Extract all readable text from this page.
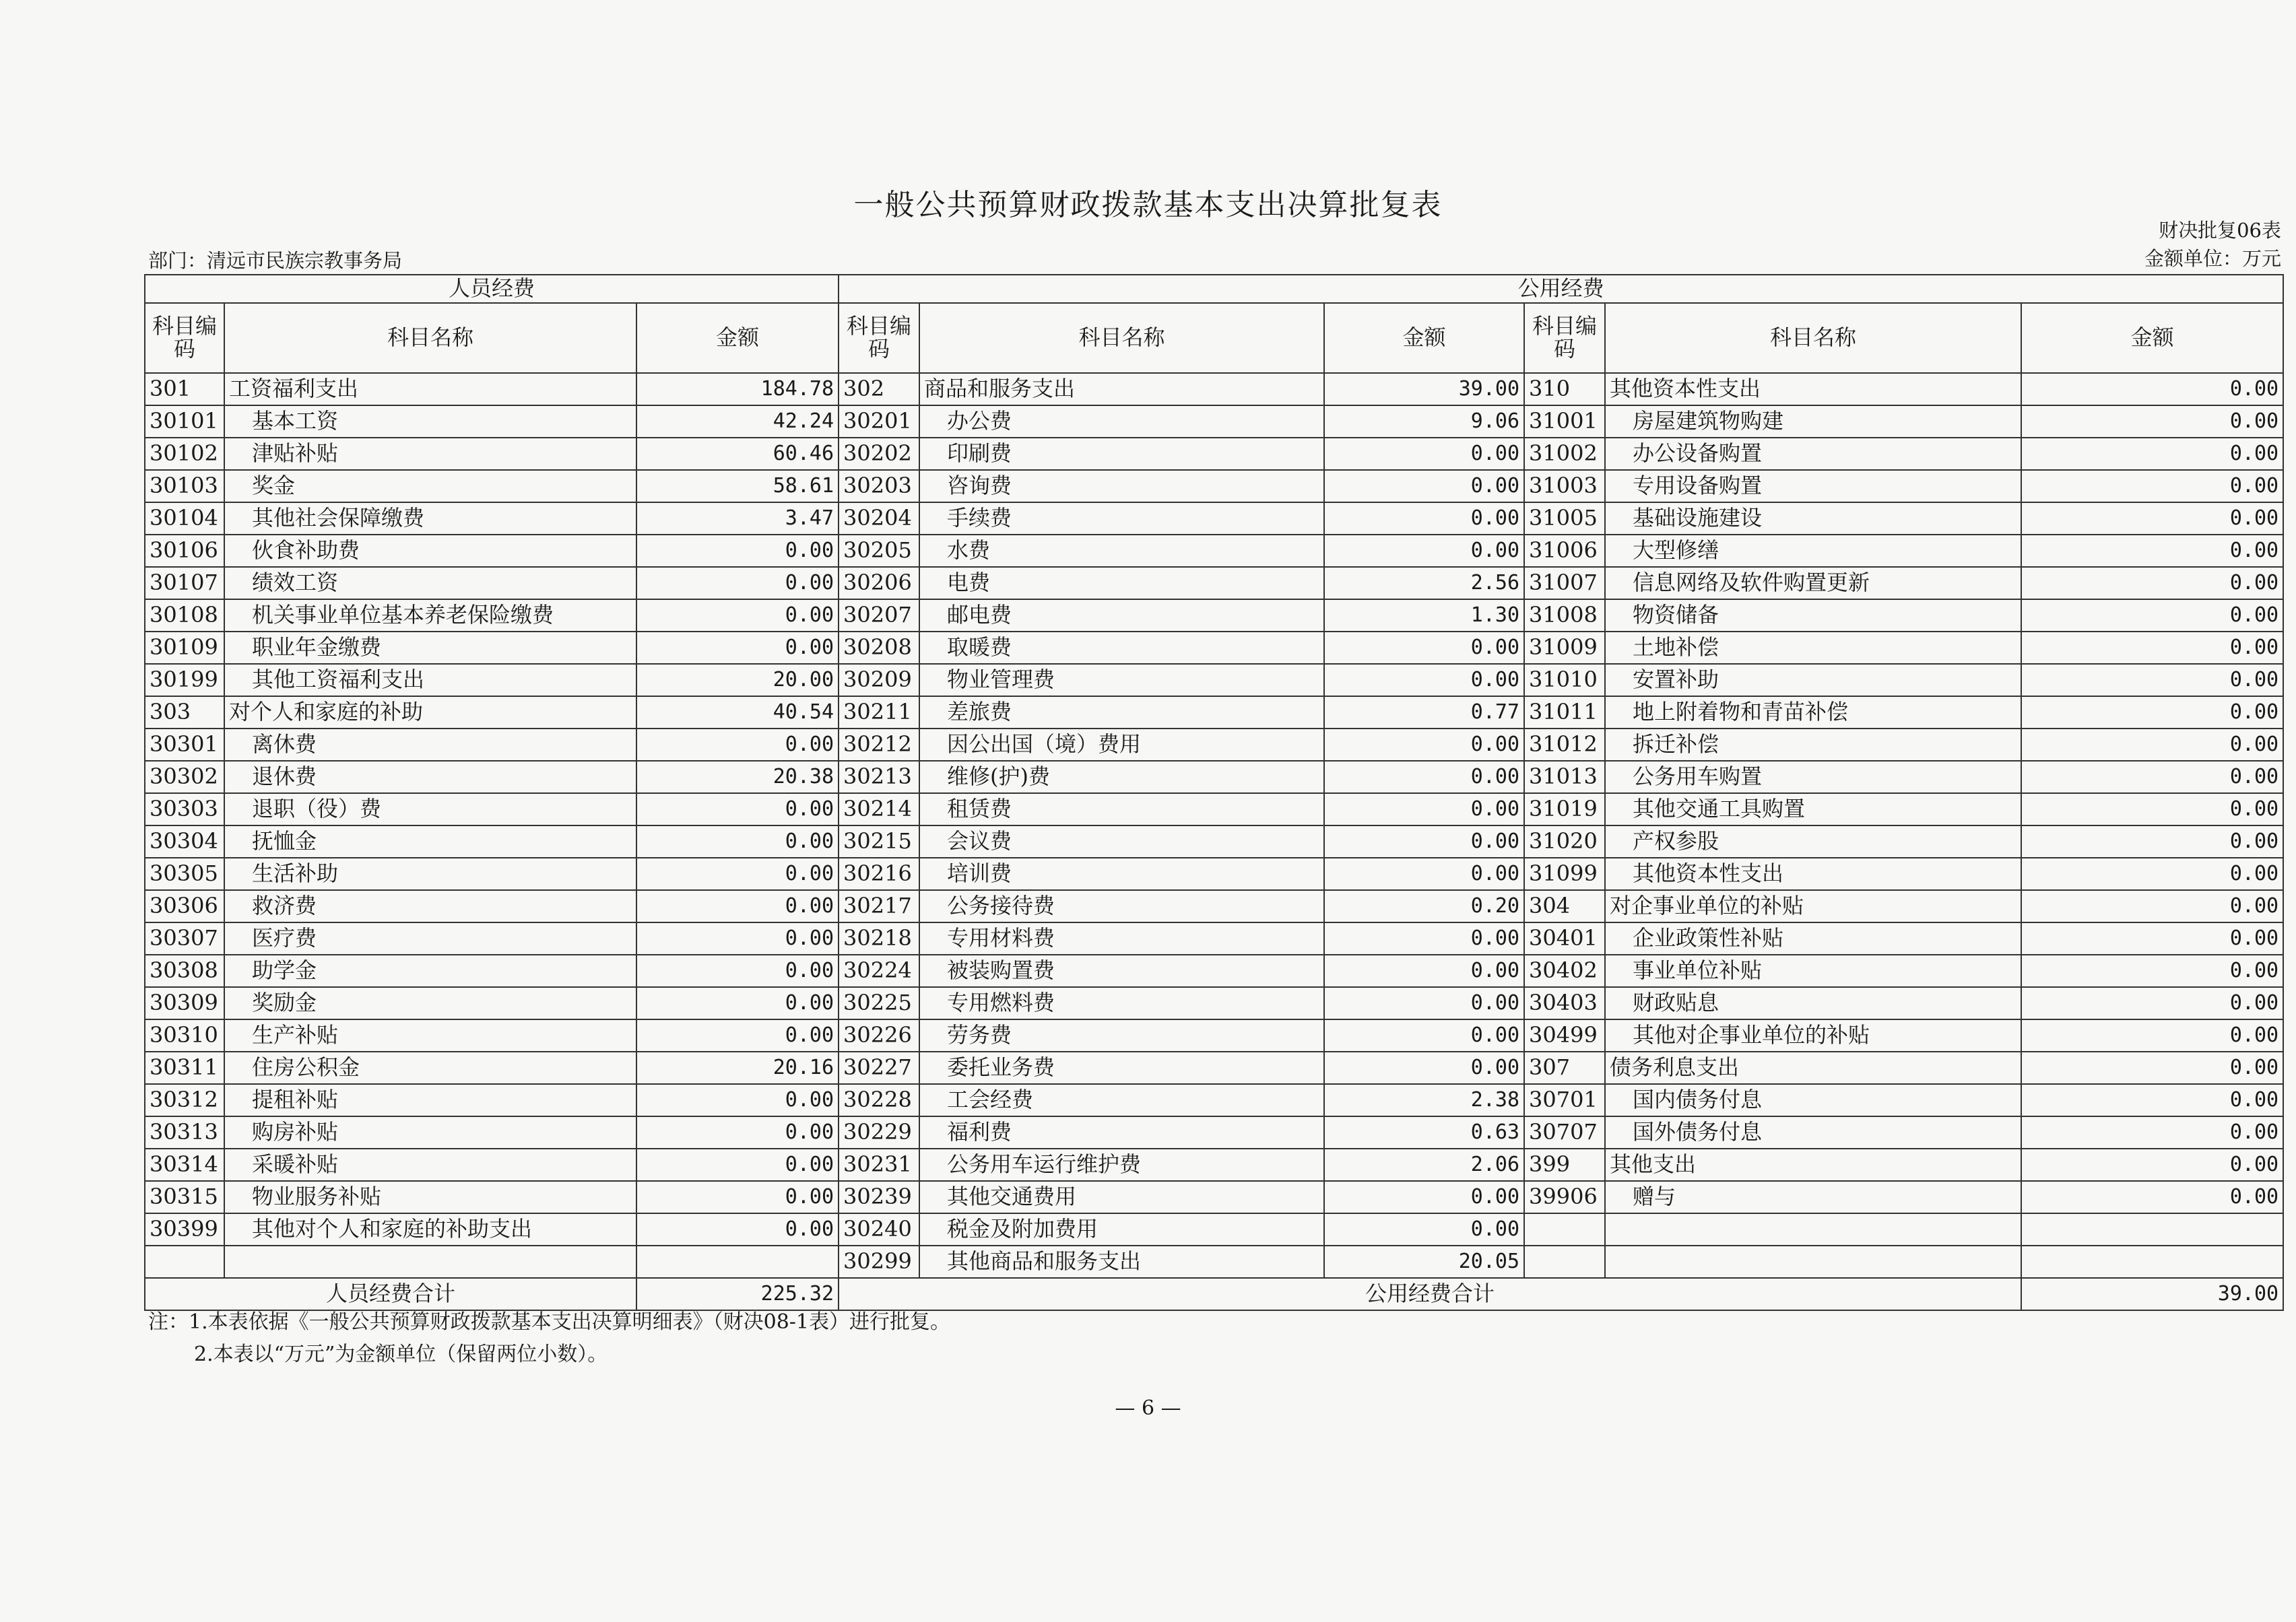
一般公共预算财政拨款基本支出决算批复表
财决批复06表
部门：清远市民族宗教事务局	金额单位：万元
人员经费			公用经费					
科目编码	科目名称	金额	科目编码	科目名称	金额	科目编码	科目名称	金额
301	工资福利支出	184.78	302	商品和服务支出	39.00	310	其他资本性支出	0.00
30101	基本工资	42.24	30201	办公费	9.06	31001	房屋建筑物购建	0.00
30102	津贴补贴	60.46	30202	印刷费	0.00	31002	办公设备购置	0.00
30103	奖金	58.61	30203	咨询费	0.00	31003	专用设备购置	0.00
30104	其他社会保障缴费	3.47	30204	手续费	0.00	31005	基础设施建设	0.00
30106	伙食补助费	0.00	30205	水费	0.00	31006	大型修缮	0.00
30107	绩效工资	0.00	30206	电费	2.56	31007	信息网络及软件购置更新	0.00
30108	机关事业单位基本养老保险缴费	0.00	30207	邮电费	1.30	31008	物资储备	0.00
30109	职业年金缴费	0.00	30208	取暖费	0.00	31009	土地补偿	0.00
30199	其他工资福利支出	20.00	30209	物业管理费	0.00	31010	安置补助	0.00
303	对个人和家庭的补助	40.54	30211	差旅费	0.77	31011	地上附着物和青苗补偿	0.00
30301	离休费	0.00	30212	因公出国（境）费用	0.00	31012	拆迁补偿	0.00
30302	退休费	20.38	30213	维修(护)费	0.00	31013	公务用车购置	0.00
30303	退职（役）费	0.00	30214	租赁费	0.00	31019	其他交通工具购置	0.00
30304	抚恤金	0.00	30215	会议费	0.00	31020	产权参股	0.00
30305	生活补助	0.00	30216	培训费	0.00	31099	其他资本性支出	0.00
30306	救济费	0.00	30217	公务接待费	0.20	304	对企事业单位的补贴	0.00
30307	医疗费	0.00	30218	专用材料费	0.00	30401	企业政策性补贴	0.00
30308	助学金	0.00	30224	被装购置费	0.00	30402	事业单位补贴	0.00
30309	奖励金	0.00	30225	专用燃料费	0.00	30403	财政贴息	0.00
30310	生产补贴	0.00	30226	劳务费	0.00	30499	其他对企事业单位的补贴	0.00
30311	住房公积金	20.16	30227	委托业务费	0.00	307	债务利息支出	0.00
30312	提租补贴	0.00	30228	工会经费	2.38	30701	国内债务付息	0.00
30313	购房补贴	0.00	30229	福利费	0.63	30707	国外债务付息	0.00
30314	采暖补贴	0.00	30231	公务用车运行维护费	2.06	399	其他支出	0.00
30315	物业服务补贴	0.00	30239	其他交通费用	0.00	39906	赠与	0.00
30399	其他对个人和家庭的补助支出	0.00	30240	税金及附加费用	0.00			
			30299	其他商品和服务支出	20.05			
人员经费合计		225.32	公用经费合计					39.00
注：1.本表依据《一般公共预算财政拨款基本支出决算明细表》（财决08-1表）进行批复。
2.本表以“万元”为金额单位（保留两位小数）。
— 6 —
